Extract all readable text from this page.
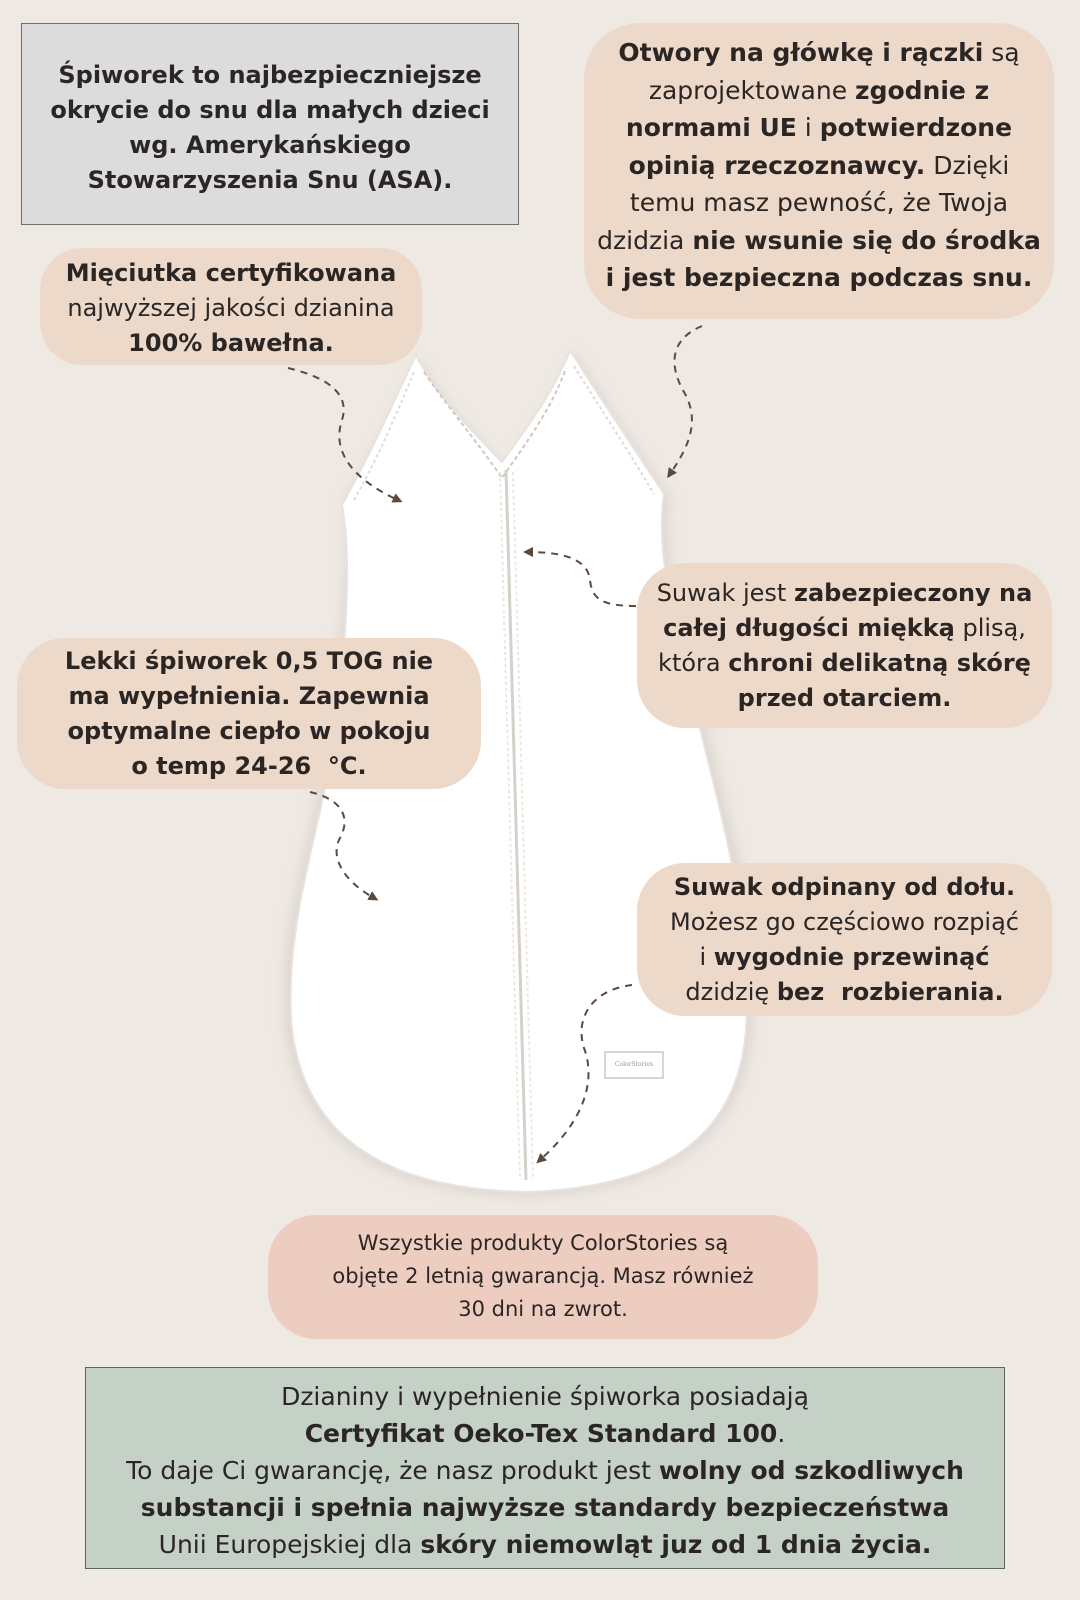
ColorStories
Śpiworek to najbezpieczniejsze
okrycie do snu dla małych dzieci
wg. Amerykańskiego
Stowarzyszenia Snu (ASA).
Otwory na główkę i rączki są
zaprojektowane zgodnie z
normami UE i potwierdzone
opinią rzeczoznawcy. Dzięki
temu masz pewność, że Twoja
dzidzia nie wsunie się do środka
i jest bezpieczna podczas snu.
Mięciutka certyfikowana
najwyższej jakości dzianina
100% bawełna.
Suwak jest zabezpieczony na
całej długości miękką plisą,
która chroni delikatną skórę
przed otarciem.
Lekki śpiworek 0,5 TOG nie
ma wypełnienia. Zapewnia
optymalne ciepło w pokoju
o temp 24-26  °C.
Suwak odpinany od dołu.
Możesz go częściowo rozpiąć
i wygodnie przewinąć
dzidzię bez  rozbierania.
Wszystkie produkty ColorStories są
objęte 2 letnią gwarancją. Masz również
30 dni na zwrot.
Dzianiny i wypełnienie śpiworka posiadają
Certyfikat Oeko-Tex Standard 100.
To daje Ci gwarancję, że nasz produkt jest wolny od szkodliwych
substancji i spełnia najwyższe standardy bezpieczeństwa
Unii Europejskiej dla skóry niemowląt juz od 1 dnia życia.
